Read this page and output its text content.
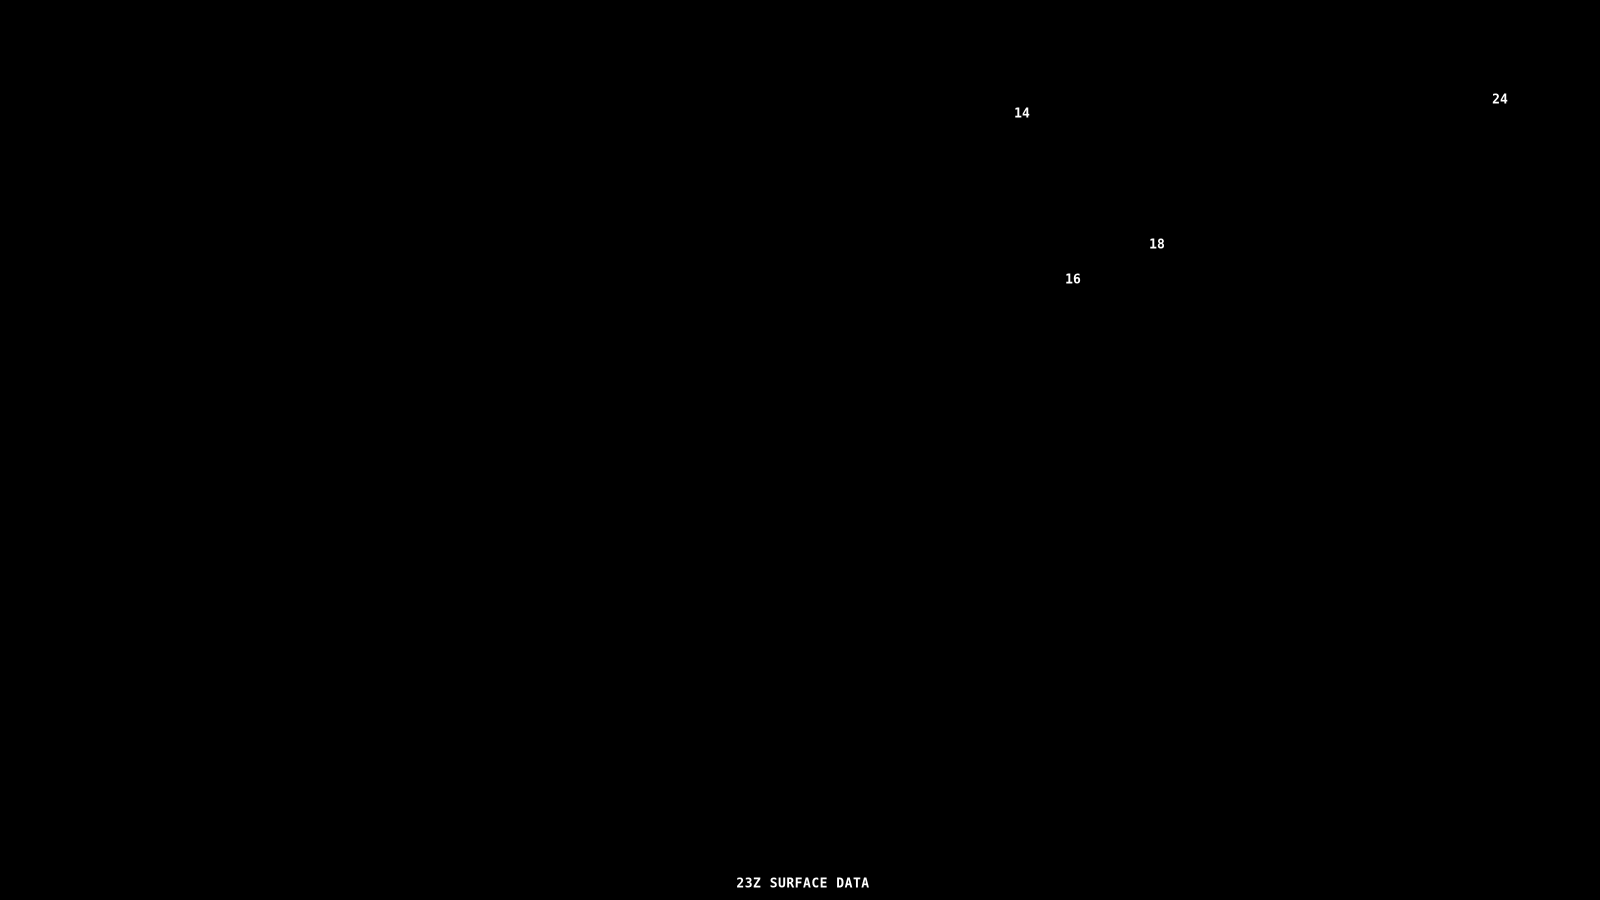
14
16
18
24
23Z SURFACE DATA
